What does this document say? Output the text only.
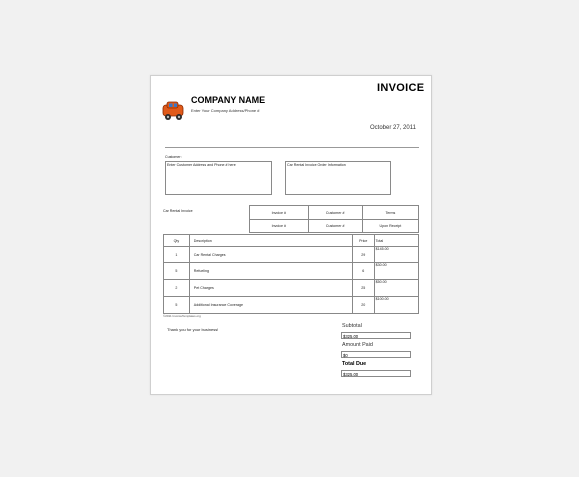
INVOICE
COMPANY NAME
Enter Your Company Address/Phone #
October 27, 2011
Customer:
Enter Customer Address and Phone # here	Car Rental Invoice Order Information
Car Rental Invoice	Invoice #	Customer #	Terms
Invoice #	Customer #	Upon Receipt
Qty	Description	Price	Total
1	Car Rental Charges	29	$145.00
5	Refueling	6	$30.00
2	Pet Charges	25	$50.00
5	Additional Insurance Coverage	20	$100.00
©2011 InvoiceTemplates.org
Thank you for your business!
Subtotal
$325.00
Amount Paid
$0
Total Due
$325.00
